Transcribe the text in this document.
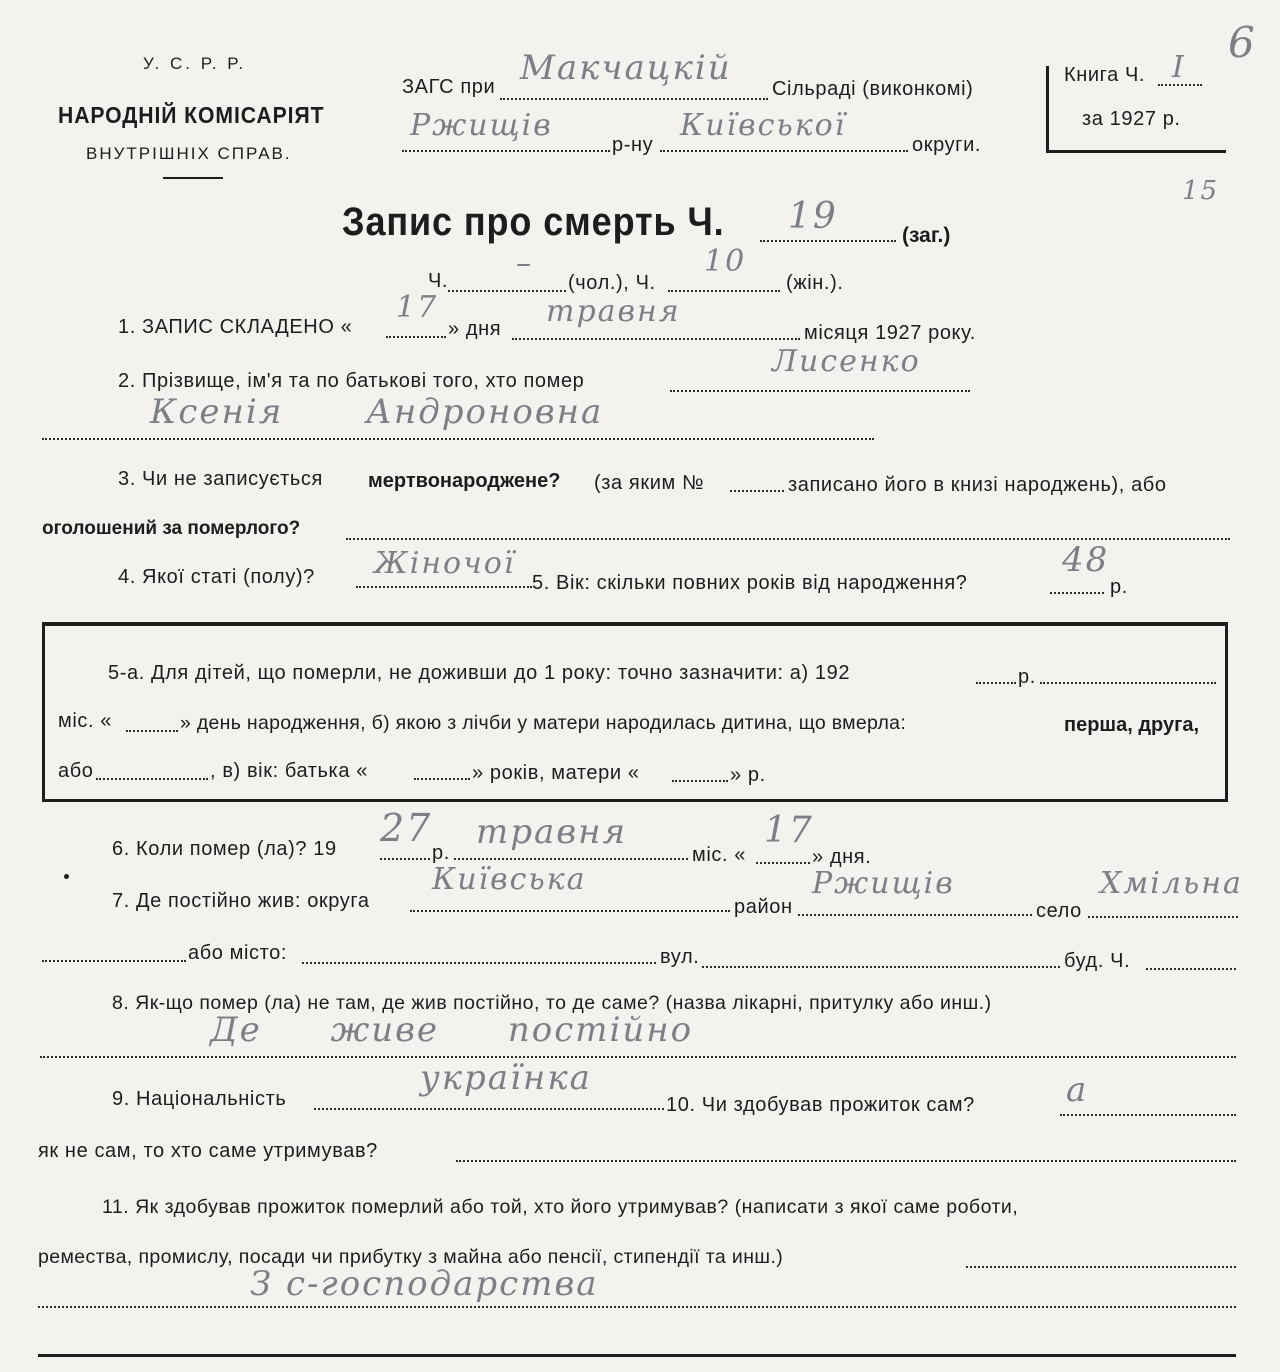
У. С. Р. Р.
НАРОДНІЙ КОМІСАРІЯТ
ВНУТРІШНІХ СПРАВ.
ЗАГС при Макчацкій
Сільраді (виконкомі)
Ржищів
р-ну
Київської
округи.
Книга Ч. I
за 1927 р.
6
15
Запис про смерть Ч. 19	(заг.)
Ч. –
(чол.), Ч.
10
(жін.).
1. ЗАПИС СКЛАДЕНО «
17
» дня травня
місяця 1927 року.
2. Прізвище, ім'я та по батькові того, хто помер
Лисенко
Ксенія Андроновна
3. Чи не записується мертвонароджене? (за яким №	записано його в книзі народжень), або
оголошений за померлого?
4. Якої статі (полу)? Жіночої
5. Вік: скільки повних років від народження?
48
р.
5-а. Для дітей, що померли, не доживши до 1 року: точно зазначити: а) 192	р.
міс. «	» день народження, б) якою з лічби у матери народилась дитина, що вмерла:	перша, друга,
або	, в) вік: батька «	» років, матери «	» р.
6. Коли помер (ла)? 19 27
р.
травня
міс. «
17
» дня.
7. Де постійно жив: округа
Київська
район
Ржищів
село
Хмільна
або місто:	вул.	буд. Ч.
8. Як-що помер (ла) не там, де жив постійно, то де саме? (назва лікарні, притулку або инш.)
Де живе постійно
9. Національність
українка
10. Чи здобував прожиток сам?	а
як не сам, то хто саме утримував?
11. Як здобував прожиток померлий або той, хто його утримував? (написати з якої саме роботи,
ремества, промислу, посади чи прибутку з майна або пенсії, стипендії та инш.)
З с-господарства
